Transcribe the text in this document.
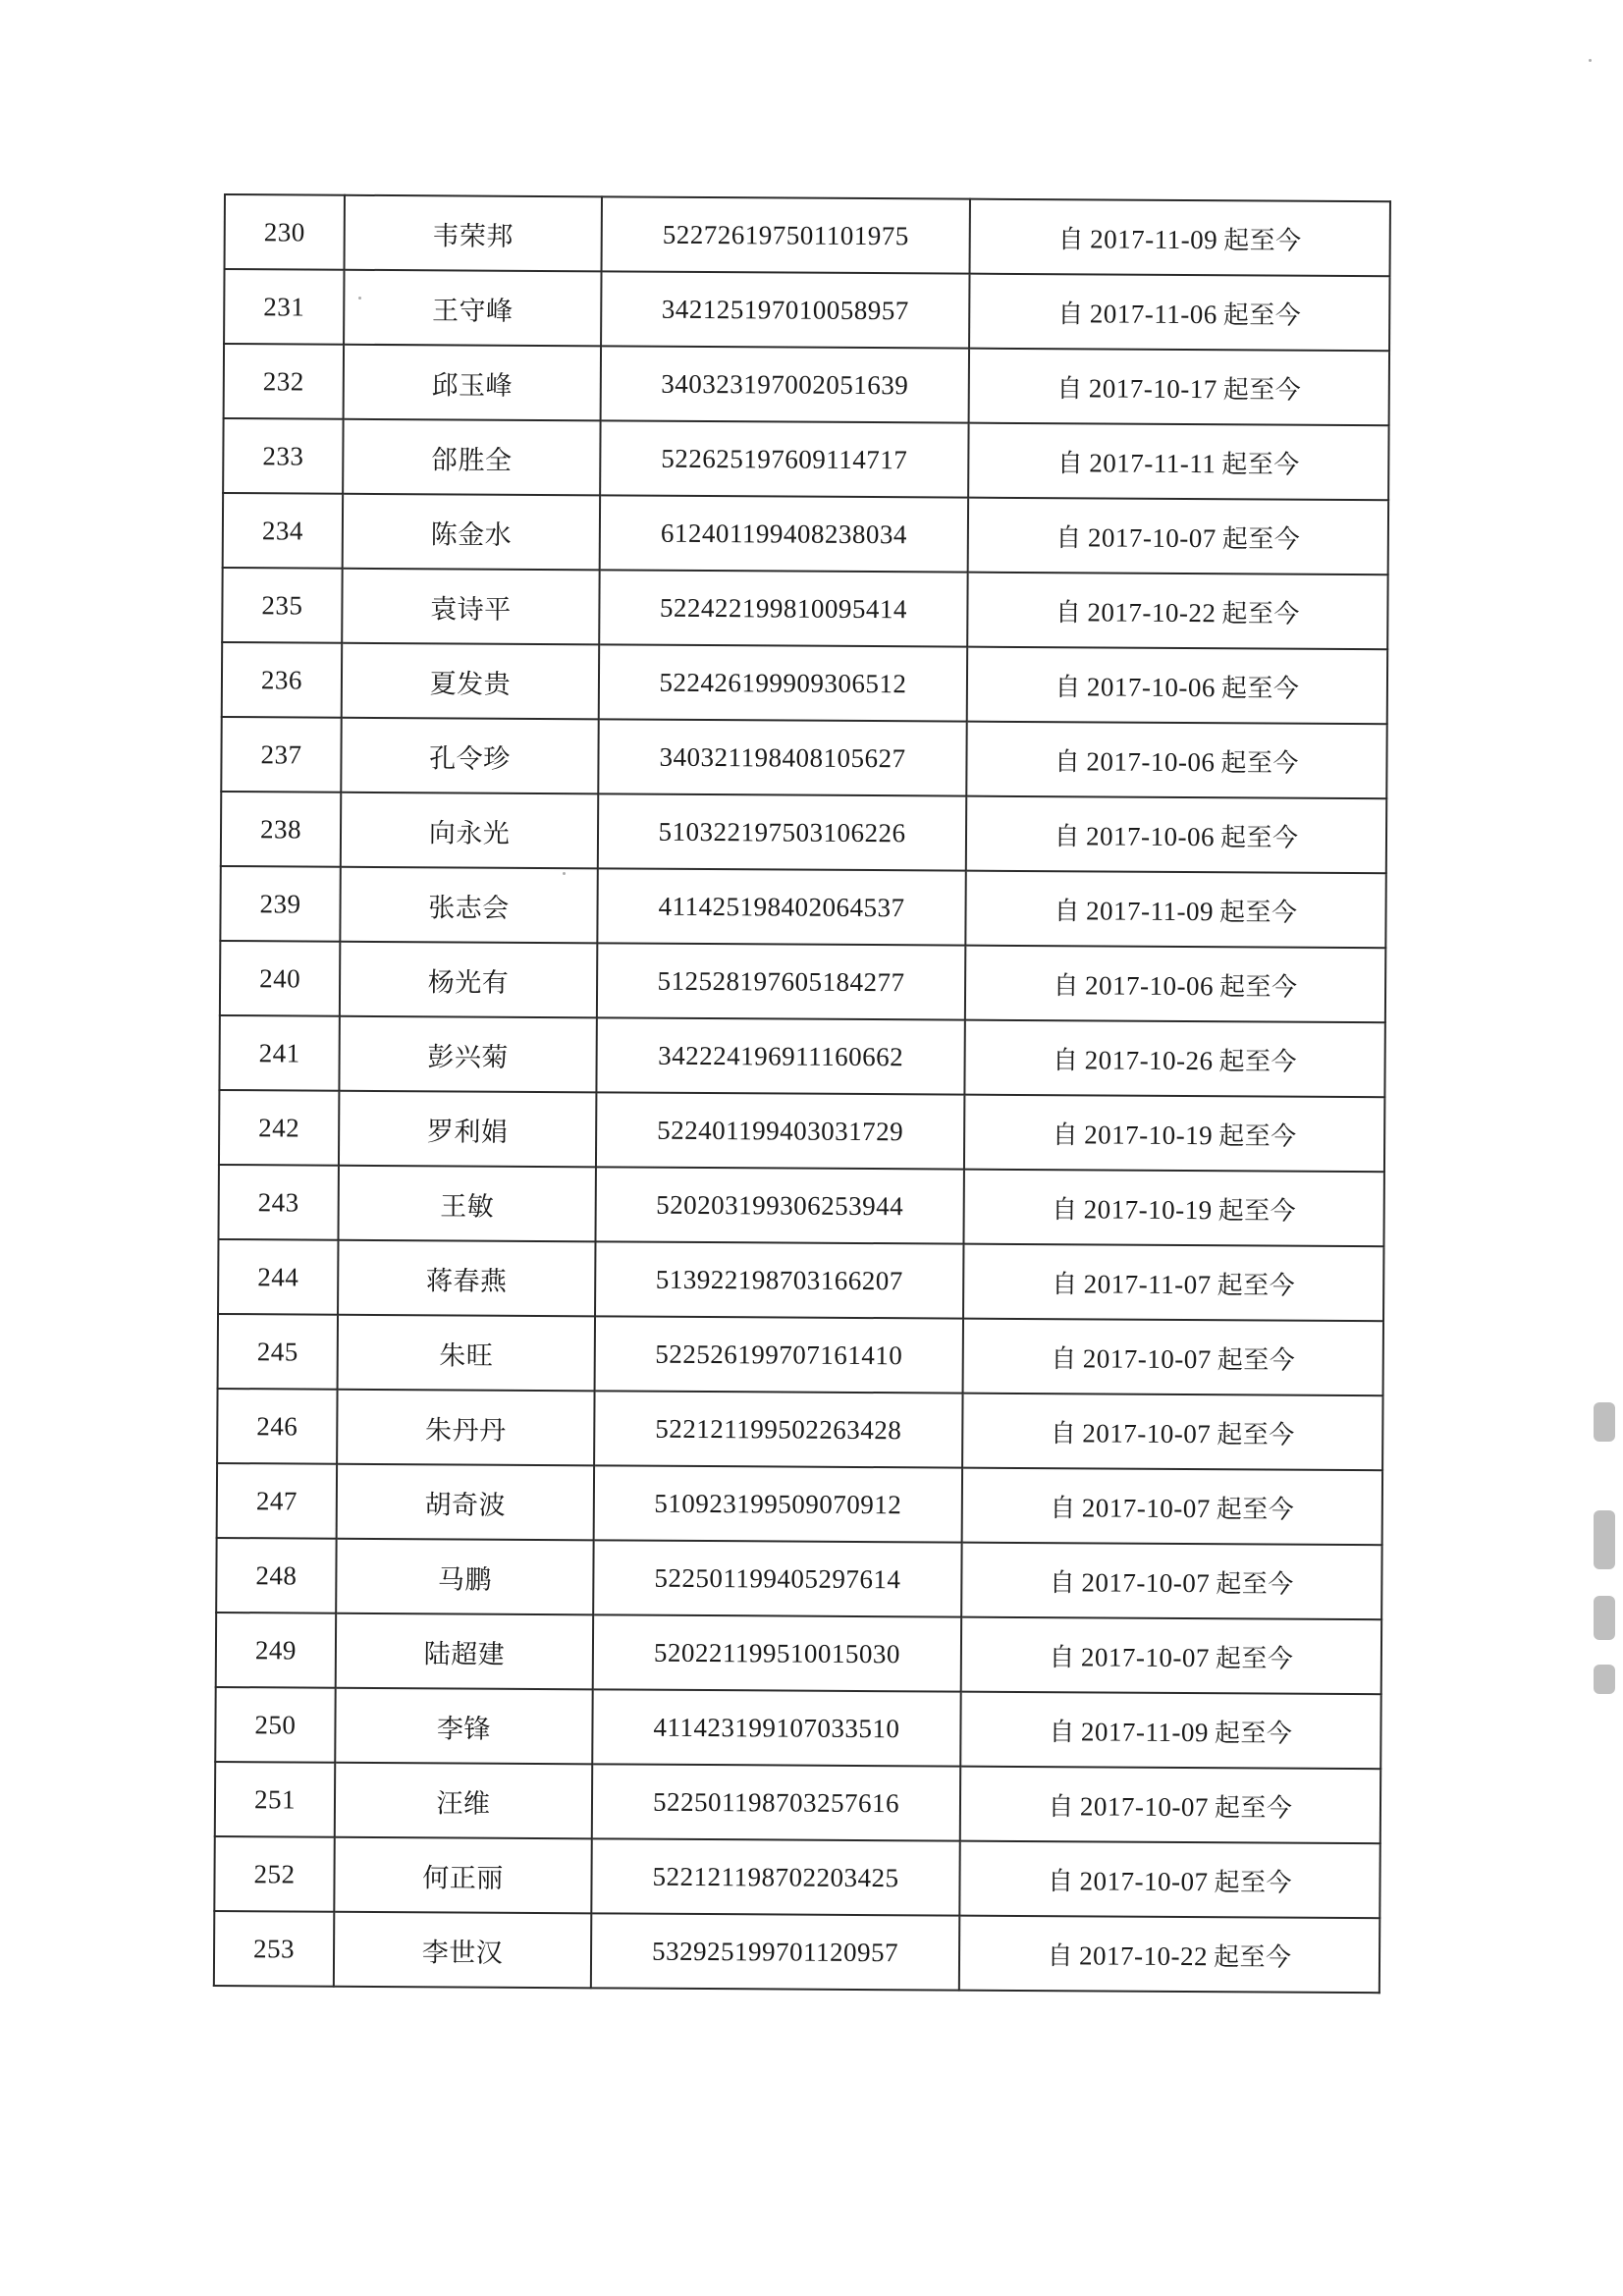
230	韦荣邦	522726197501101975	自 2017-11-09 起至今
231	王守峰	342125197010058957	自 2017-11-06 起至今
232	邱玉峰	340323197002051639	自 2017-10-17 起至今
233	郃胜全	522625197609114717	自 2017-11-11 起至今
234	陈金水	612401199408238034	自 2017-10-07 起至今
235	袁诗平	522422199810095414	自 2017-10-22 起至今
236	夏发贵	522426199909306512	自 2017-10-06 起至今
237	孔令珍	340321198408105627	自 2017-10-06 起至今
238	向永光	510322197503106226	自 2017-10-06 起至今
239	张志会	411425198402064537	自 2017-11-09 起至今
240	杨光有	512528197605184277	自 2017-10-06 起至今
241	彭兴菊	342224196911160662	自 2017-10-26 起至今
242	罗利娟	522401199403031729	自 2017-10-19 起至今
243	王敏	520203199306253944	自 2017-10-19 起至今
244	蒋春燕	513922198703166207	自 2017-11-07 起至今
245	朱旺	522526199707161410	自 2017-10-07 起至今
246	朱丹丹	522121199502263428	自 2017-10-07 起至今
247	胡奇波	510923199509070912	自 2017-10-07 起至今
248	马鹏	522501199405297614	自 2017-10-07 起至今
249	陆超建	520221199510015030	自 2017-10-07 起至今
250	李锋	411423199107033510	自 2017-11-09 起至今
251	汪维	522501198703257616	自 2017-10-07 起至今
252	何正丽	522121198702203425	自 2017-10-07 起至今
253	李世汉	532925199701120957	自 2017-10-22 起至今
